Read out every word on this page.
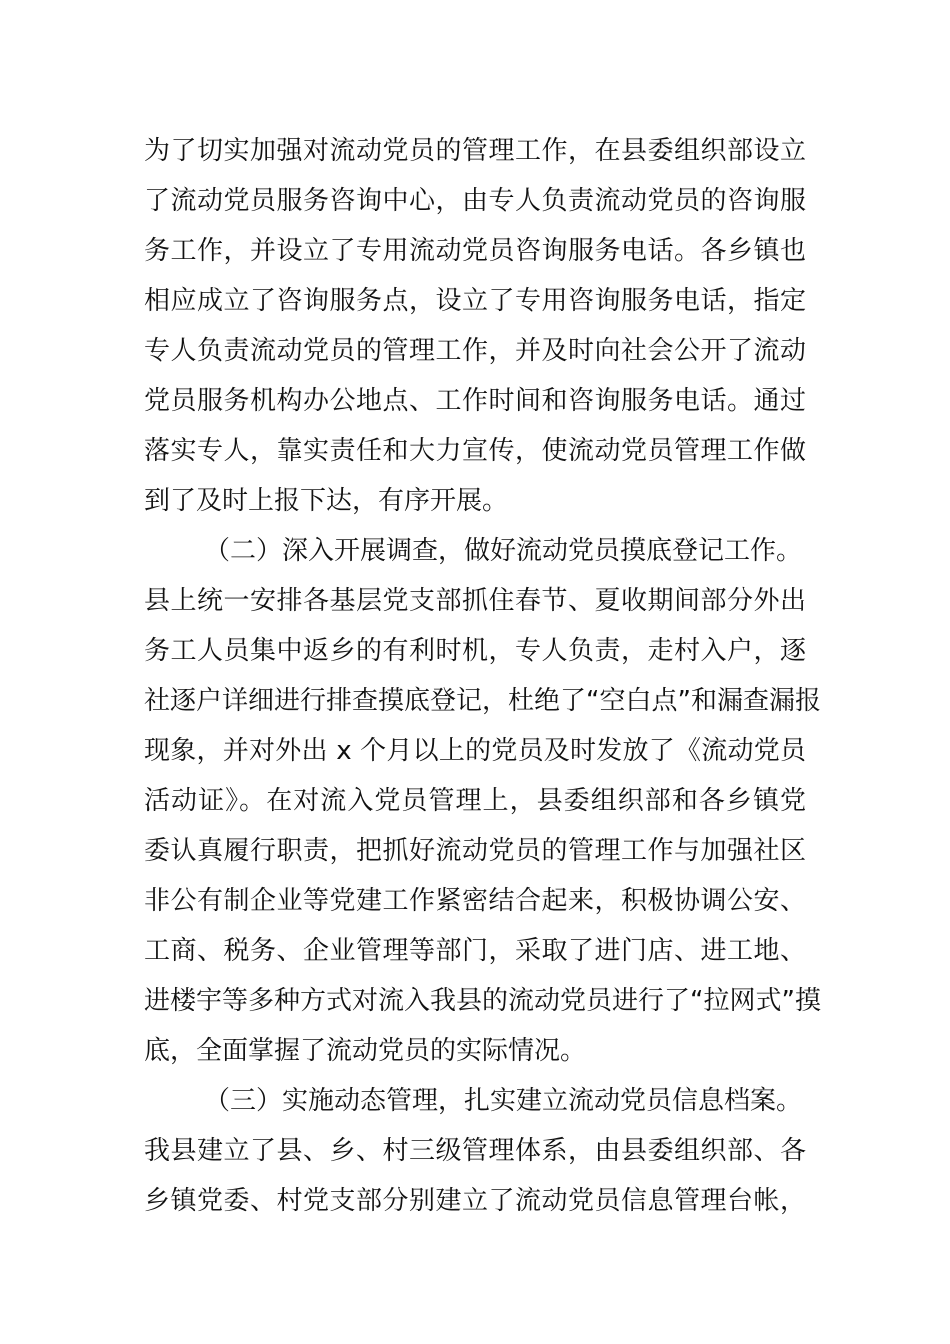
为了切实加强对流动党员的管理工作，在县委组织部设立
了流动党员服务咨询中心，由专人负责流动党员的咨询服
务工作，并设立了专用流动党员咨询服务电话。各乡镇也
相应成立了咨询服务点，设立了专用咨询服务电话，指定
专人负责流动党员的管理工作，并及时向社会公开了流动
党员服务机构办公地点、工作时间和咨询服务电话。通过
落实专人，靠实责任和大力宣传，使流动党员管理工作做
到了及时上报下达，有序开展。
（二）深入开展调查，做好流动党员摸底登记工作。
县上统一安排各基层党支部抓住春节、夏收期间部分外出
务工人员集中返乡的有利时机，专人负责，走村入户，逐
社逐户详细进行排查摸底登记，杜绝了“空白点”和漏查漏报
现象，并对外出 x 个月以上的党员及时发放了《流动党员
活动证》。在对流入党员管理上，县委组织部和各乡镇党
委认真履行职责，把抓好流动党员的管理工作与加强社区
非公有制企业等党建工作紧密结合起来，积极协调公安、
工商、税务、企业管理等部门，采取了进门店、进工地、
进楼宇等多种方式对流入我县的流动党员进行了“拉网式”摸
底，全面掌握了流动党员的实际情况。
（三）实施动态管理，扎实建立流动党员信息档案。
我县建立了县、乡、村三级管理体系，由县委组织部、各
乡镇党委、村党支部分别建立了流动党员信息管理台帐，
